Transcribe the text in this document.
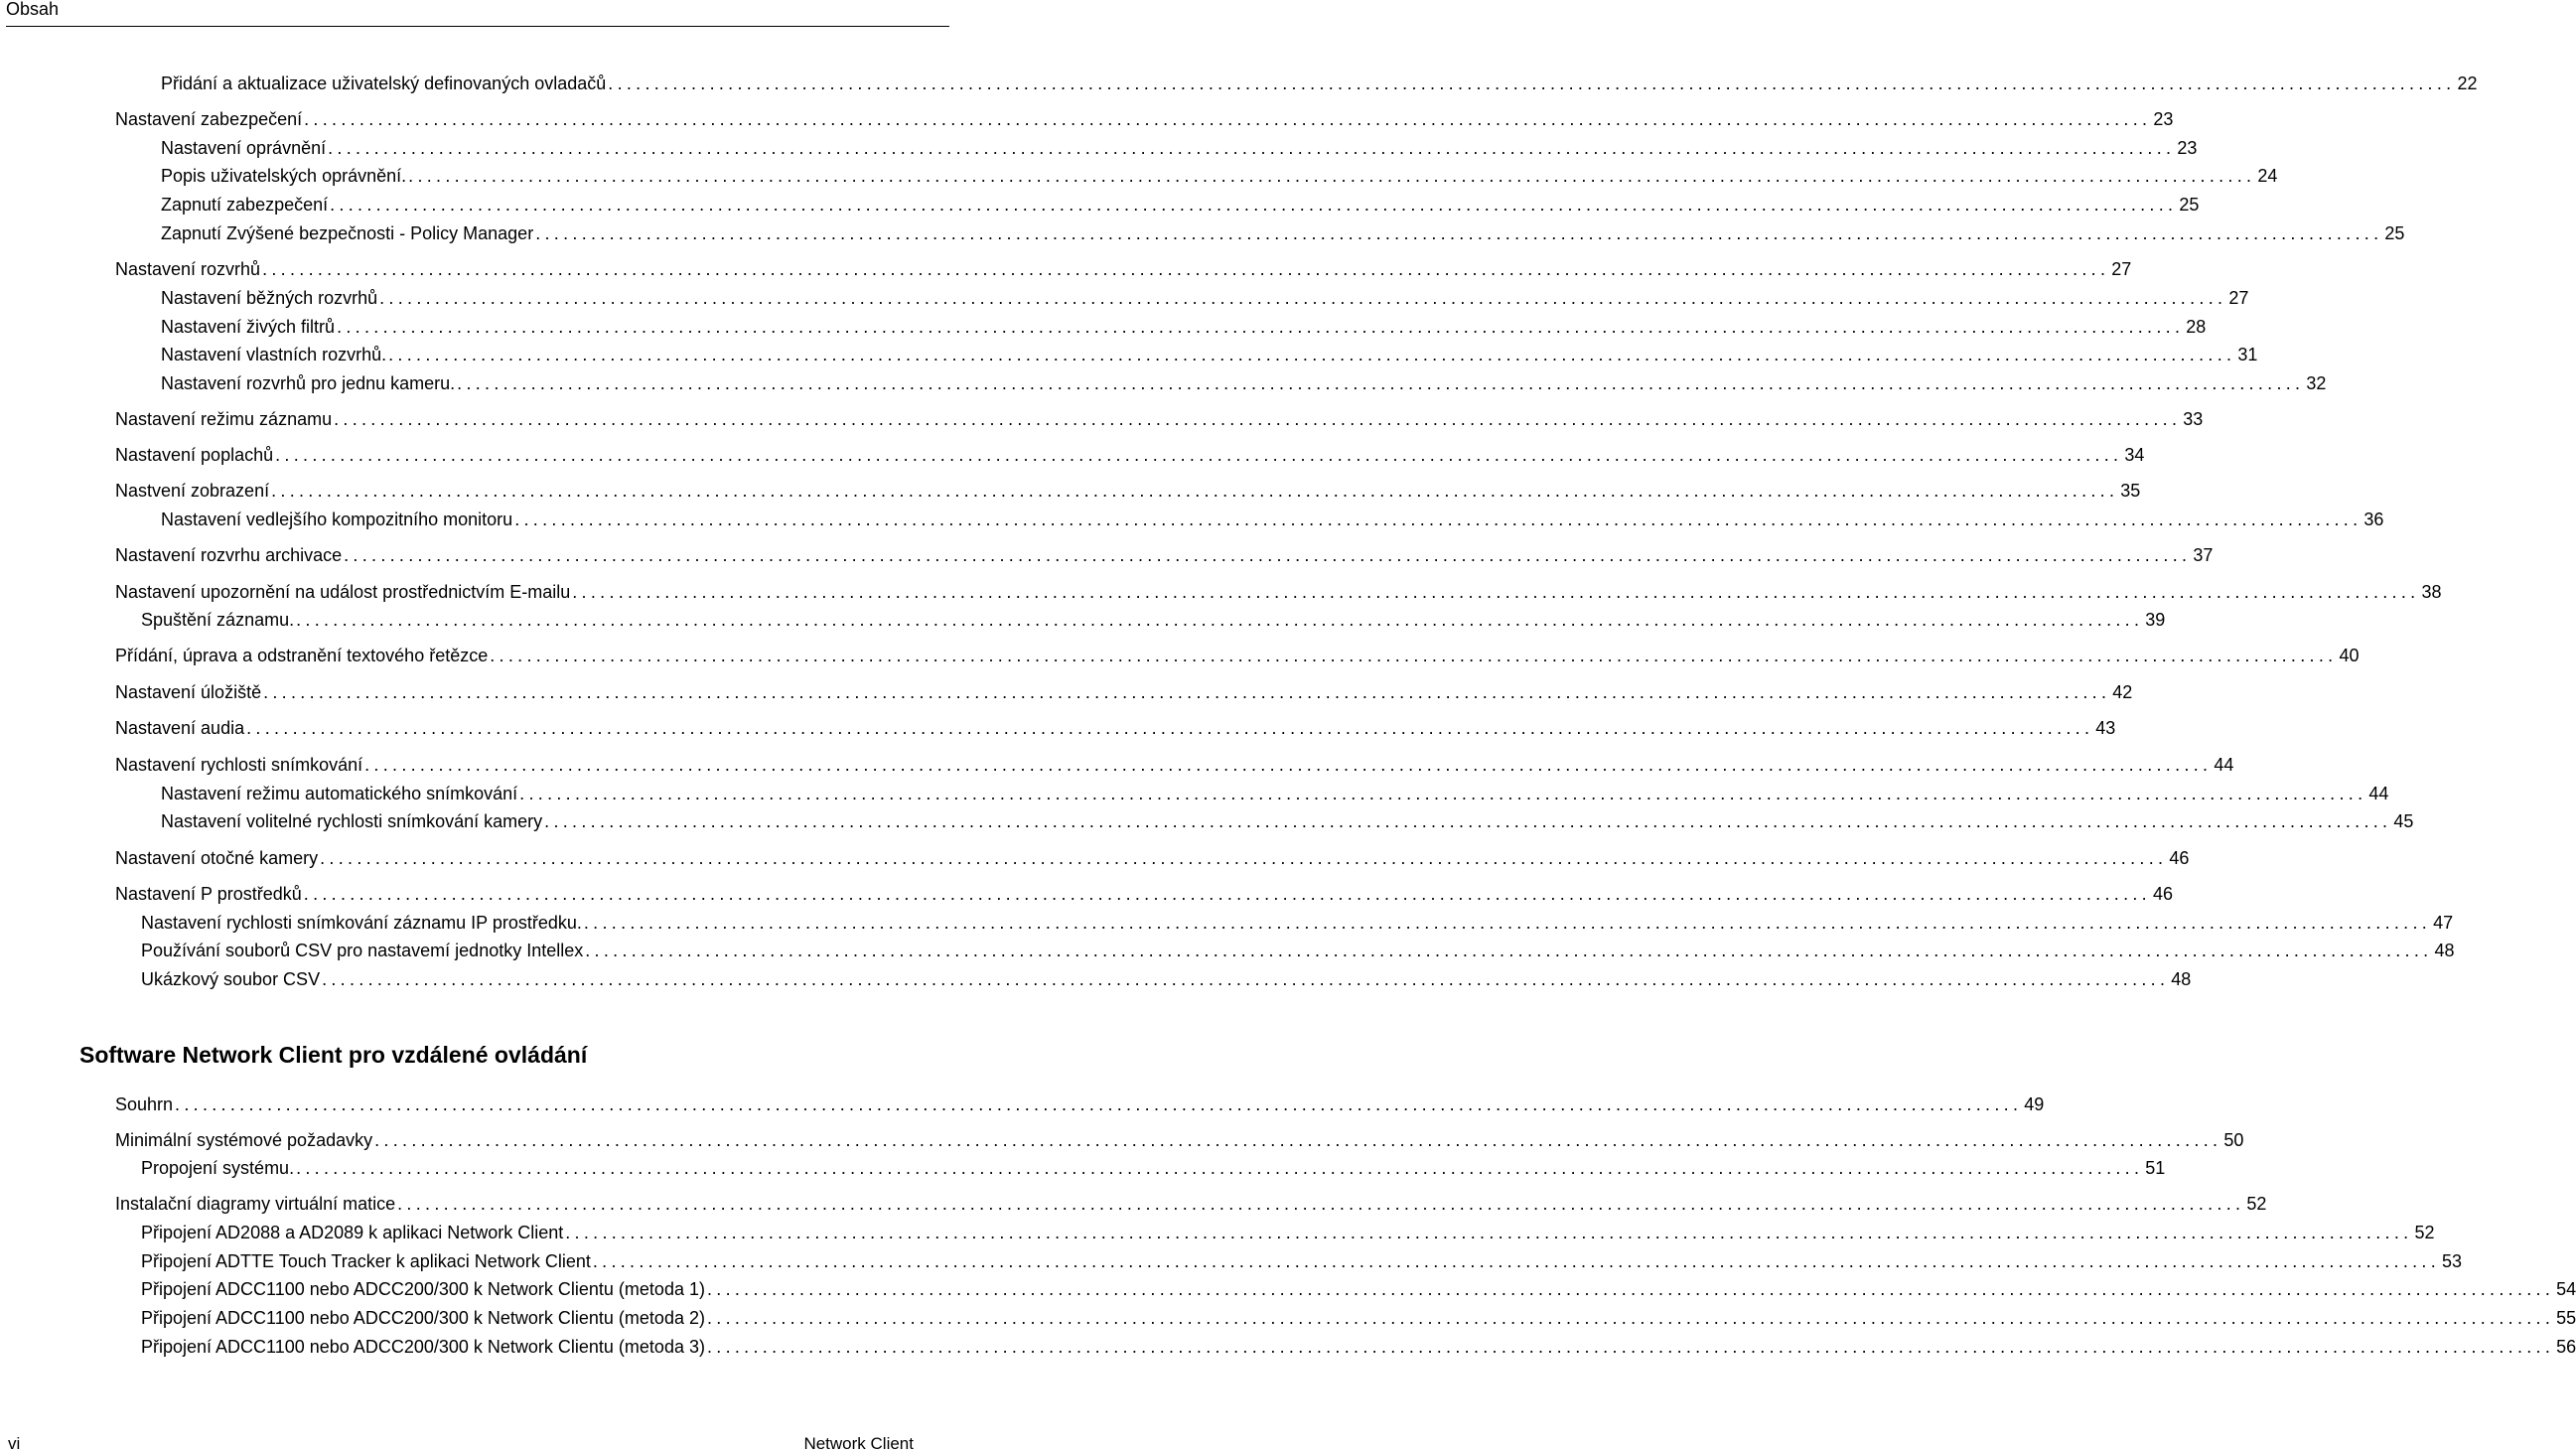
Obsah
Přidání a aktualizace uživatelský definovaných ovladačů ........................................................................................................................................................................................................ 22
Nastavení zabezpečení ........................................................................................................................................................................................................ 23
Nastavení oprávnění ........................................................................................................................................................................................................ 23
Popis uživatelských oprávnění. ........................................................................................................................................................................................................ 24
Zapnutí zabezpečení ........................................................................................................................................................................................................ 25
Zapnutí Zvýšené bezpečnosti - Policy Manager ........................................................................................................................................................................................................ 25
Nastavení rozvrhů ........................................................................................................................................................................................................ 27
Nastavení běžných rozvrhů ........................................................................................................................................................................................................ 27
Nastavení živých filtrů ........................................................................................................................................................................................................ 28
Nastavení vlastních rozvrhů. ........................................................................................................................................................................................................ 31
Nastavení rozvrhů pro jednu kameru. ........................................................................................................................................................................................................ 32
Nastavení režimu záznamu ........................................................................................................................................................................................................ 33
Nastavení poplachů ........................................................................................................................................................................................................ 34
Nastvení zobrazení ........................................................................................................................................................................................................ 35
Nastavení vedlejšího kompozitního monitoru ........................................................................................................................................................................................................ 36
Nastavení rozvrhu archivace ........................................................................................................................................................................................................ 37
Nastavení upozornění na událost prostřednictvím E-mailu ........................................................................................................................................................................................................ 38
Spuštění záznamu. ........................................................................................................................................................................................................ 39
Přídání, úprava a odstranění textového řetězce ........................................................................................................................................................................................................ 40
Nastavení úložiště ........................................................................................................................................................................................................ 42
Nastavení audia ........................................................................................................................................................................................................ 43
Nastavení rychlosti snímkování ........................................................................................................................................................................................................ 44
Nastavení režimu automatického snímkování ........................................................................................................................................................................................................ 44
Nastavení volitelné rychlosti snímkování kamery ........................................................................................................................................................................................................ 45
Nastavení otočné kamery ........................................................................................................................................................................................................ 46
Nastavení P prostředků ........................................................................................................................................................................................................ 46
Nastavení rychlosti snímkování záznamu IP prostředku. ........................................................................................................................................................................................................ 47
Používání souborů CSV pro nastavemí jednotky Intellex ........................................................................................................................................................................................................ 48
Ukázkový soubor CSV ........................................................................................................................................................................................................ 48
Souhrn ........................................................................................................................................................................................................ 49
Minimální systémové požadavky ........................................................................................................................................................................................................ 50
Propojení systému. ........................................................................................................................................................................................................ 51
Instalační diagramy virtuální matice ........................................................................................................................................................................................................ 52
Připojení AD2088 a AD2089 k aplikaci Network Client ........................................................................................................................................................................................................ 52
Připojení ADTTE Touch Tracker k aplikaci Network Client ........................................................................................................................................................................................................ 53
Připojení ADCC1100 nebo ADCC200/300 k Network Clientu (metoda 1) ........................................................................................................................................................................................................ 54
Připojení ADCC1100 nebo ADCC200/300 k Network Clientu (metoda 2) ........................................................................................................................................................................................................ 55
Připojení ADCC1100 nebo ADCC200/300 k Network Clientu (metoda 3) ........................................................................................................................................................................................................ 56
Software Network Client pro vzdálené ovládání
vi	Network Client
